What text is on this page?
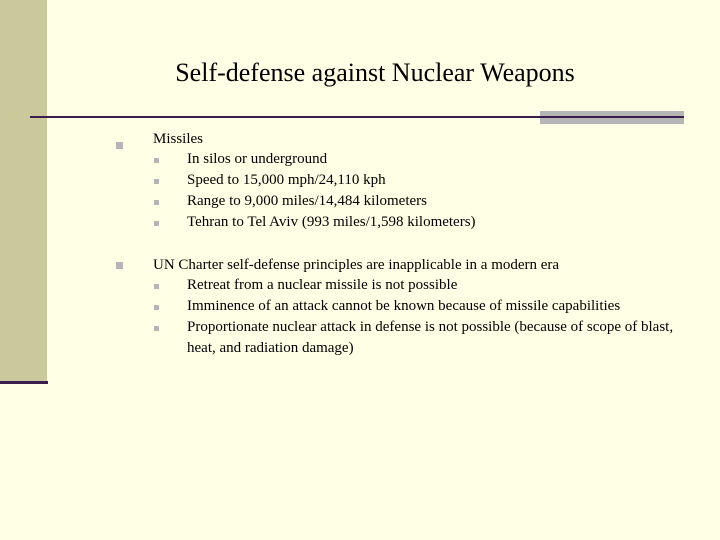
Self-defense against Nuclear Weapons
Missiles
In silos or underground
Speed to 15,000 mph/24,110 kph
Range to 9,000 miles/14,484 kilometers
Tehran to Tel Aviv (993 miles/1,598 kilometers)
UN Charter self-defense principles are inapplicable in a modern era
Retreat from a nuclear missile is not possible
Imminence of an attack cannot be known because of missile capabilities
Proportionate nuclear attack in defense is not possible (because of scope of blast, heat, and radiation damage)
